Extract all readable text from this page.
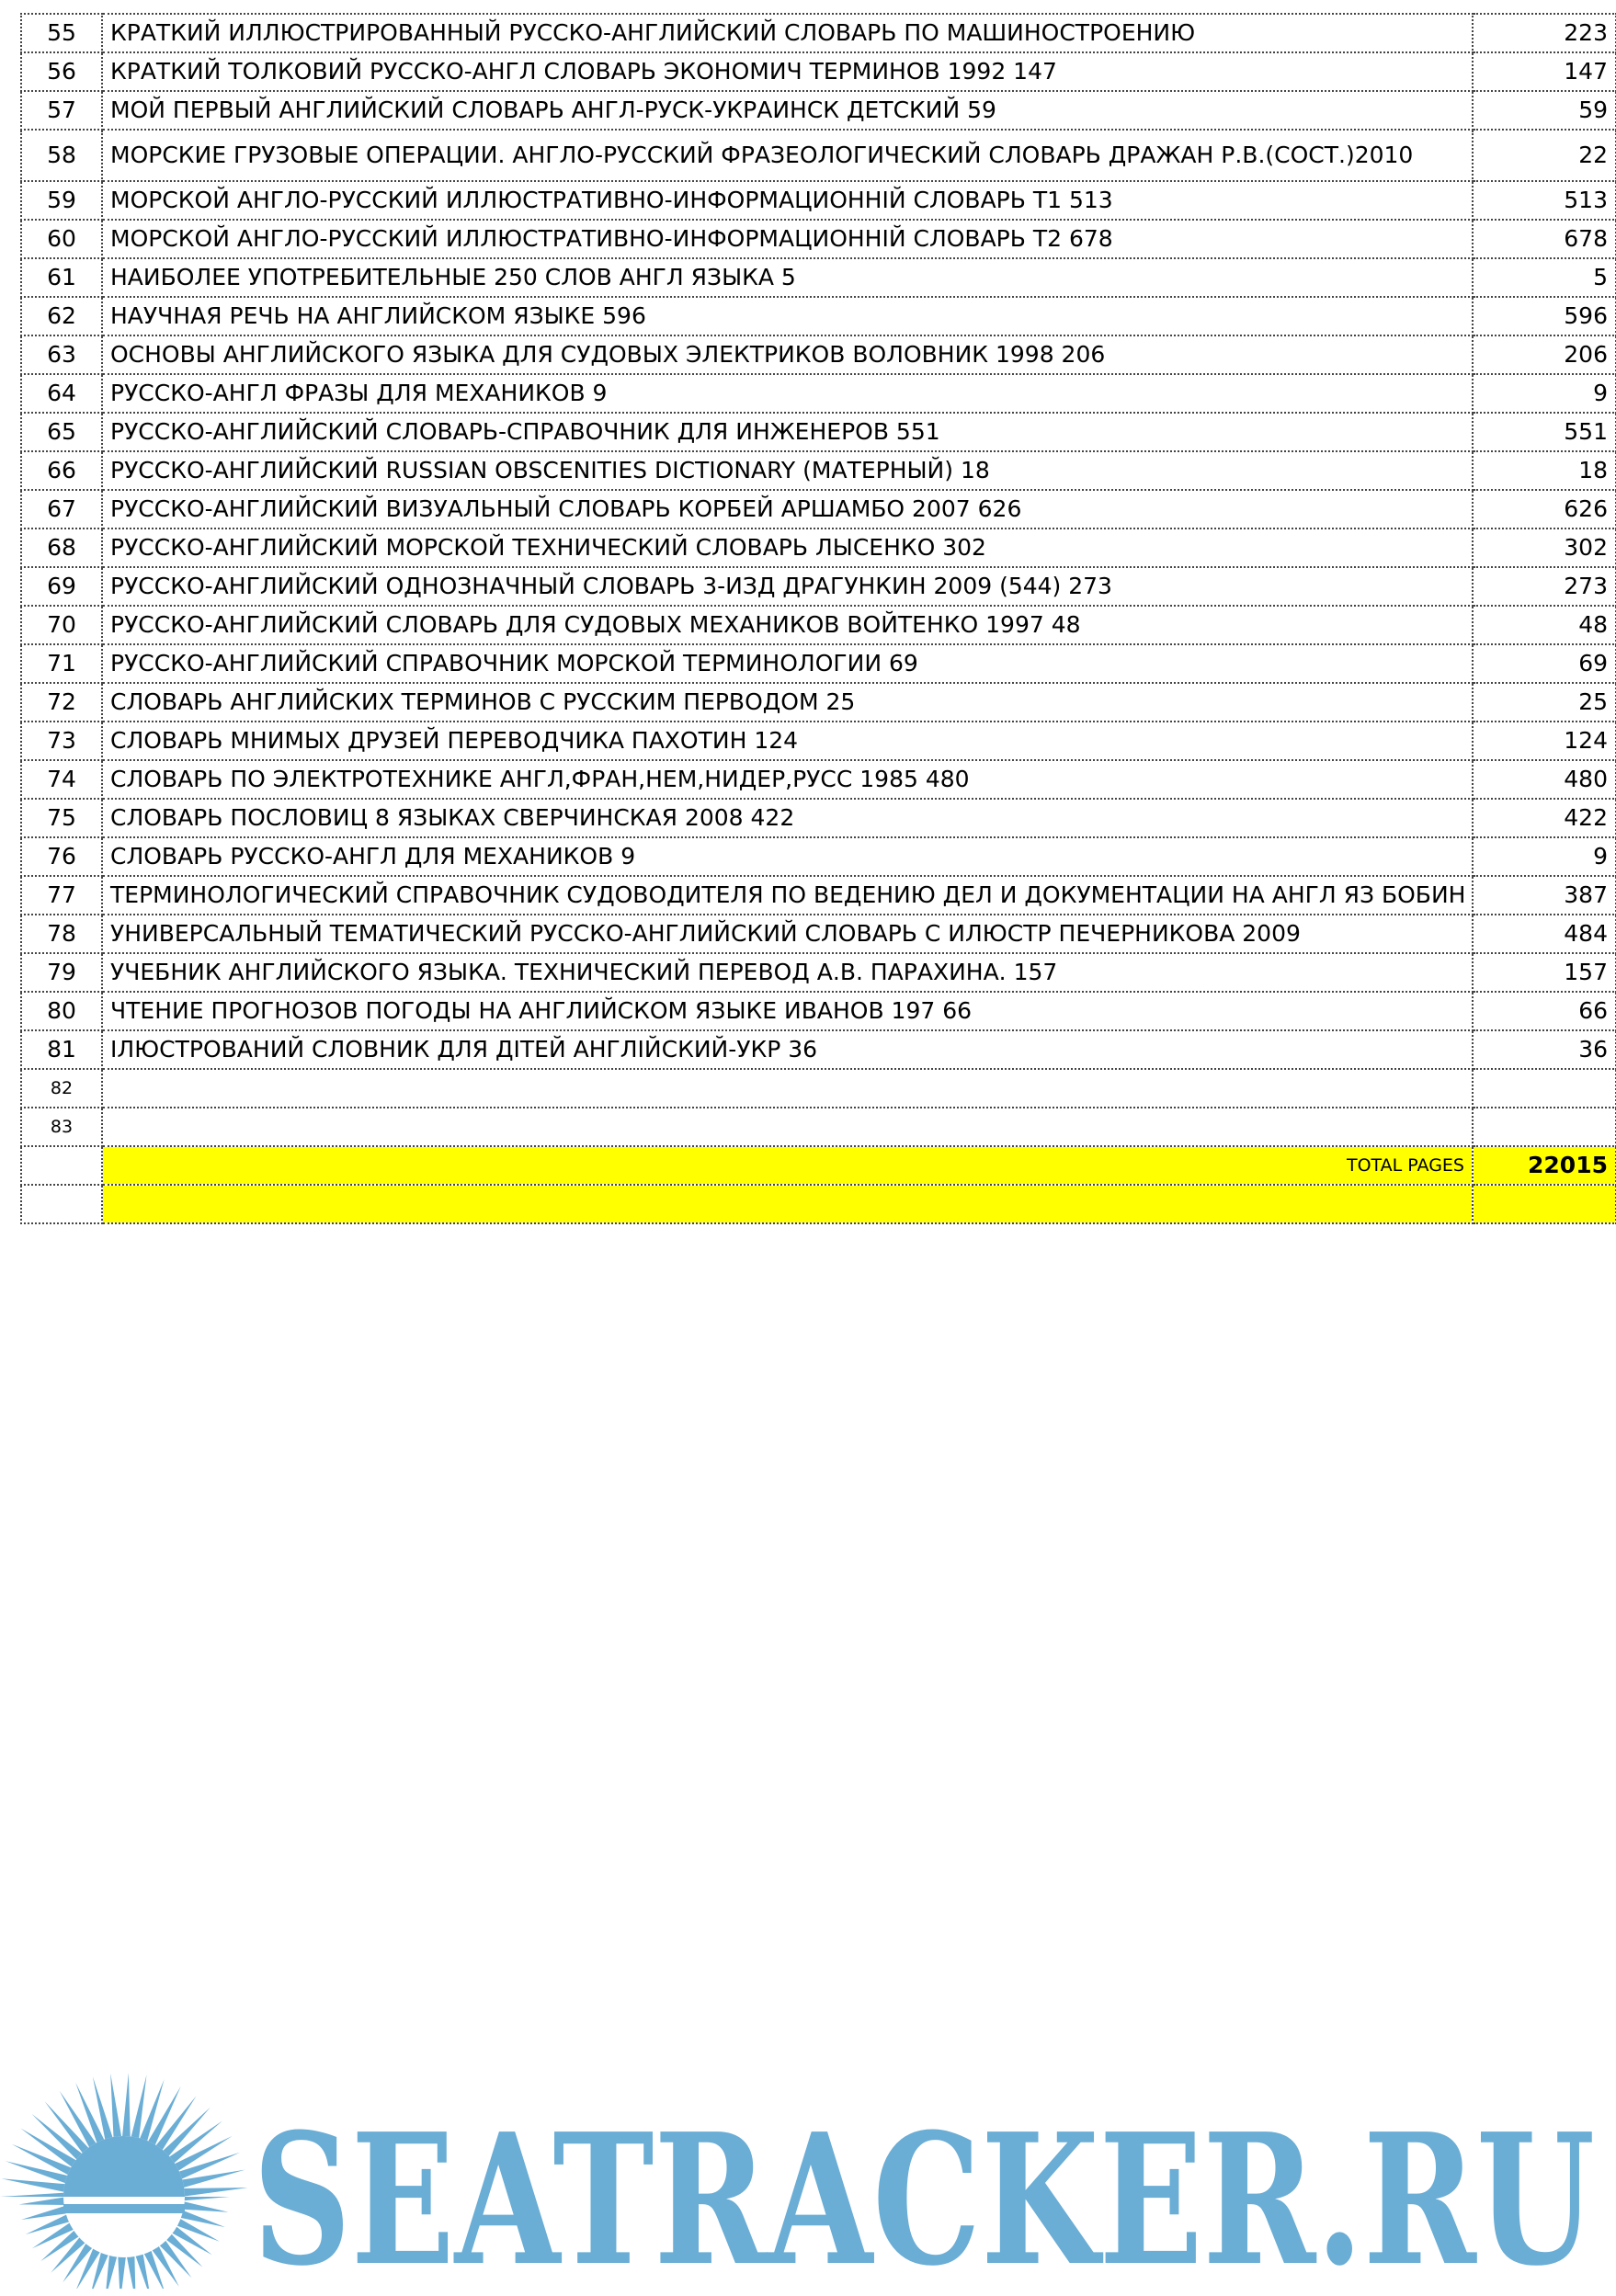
55	КРАТКИЙ ИЛЛЮСТРИРОВАННЫЙ РУССКО-АНГЛИЙСКИЙ СЛОВАРЬ ПО МАШИНОСТРОЕНИЮ	223
56	КРАТКИЙ ТОЛКОВИЙ РУССКО-АНГЛ СЛОВАРЬ ЭКОНОМИЧ ТЕРМИНОВ 1992 147	147
57	МОЙ ПЕРВЫЙ АНГЛИЙСКИЙ СЛОВАРЬ АНГЛ-РУСК-УКРАИНСК ДЕТСКИЙ 59	59
58	МОРСКИЕ ГРУЗОВЫЕ ОПЕРАЦИИ. АНГЛО-РУССКИЙ ФРАЗЕОЛОГИЧЕСКИЙ СЛОВАРЬ ДРАЖАН Р.В.(СОСТ.)2010	22
59	МОРСКОЙ АНГЛО-РУССКИЙ ИЛЛЮСТРАТИВНО-ИНФОРМАЦИОННІЙ СЛОВАРЬ Т1 513	513
60	МОРСКОЙ АНГЛО-РУССКИЙ ИЛЛЮСТРАТИВНО-ИНФОРМАЦИОННІЙ СЛОВАРЬ Т2 678	678
61	НАИБОЛЕЕ УПОТРЕБИТЕЛЬНЫЕ 250 СЛОВ АНГЛ ЯЗЫКА 5	5
62	НАУЧНАЯ РЕЧЬ НА АНГЛИЙСКОМ ЯЗЫКЕ 596	596
63	ОСНОВЫ АНГЛИЙСКОГО ЯЗЫКА ДЛЯ СУДОВЫХ ЭЛЕКТРИКОВ ВОЛОВНИК 1998 206	206
64	РУССКО-АНГЛ ФРАЗЫ ДЛЯ МЕХАНИКОВ 9	9
65	РУССКО-АНГЛИЙСКИЙ СЛОВАРЬ-СПРАВОЧНИК ДЛЯ ИНЖЕНЕРОВ 551	551
66	РУССКО-АНГЛИЙСКИЙ RUSSIAN OBSCENITIES DICTIONARY (МАТЕРНЫЙ) 18	18
67	РУССКО-АНГЛИЙСКИЙ ВИЗУАЛЬНЫЙ СЛОВАРЬ КОРБЕЙ АРШАМБО 2007 626	626
68	РУССКО-АНГЛИЙСКИЙ МОРСКОЙ ТЕХНИЧЕСКИЙ СЛОВАРЬ ЛЫСЕНКО 302	302
69	РУССКО-АНГЛИЙСКИЙ ОДНОЗНАЧНЫЙ СЛОВАРЬ 3-ИЗД ДРАГУНКИН 2009 (544) 273	273
70	РУССКО-АНГЛИЙСКИЙ СЛОВАРЬ ДЛЯ СУДОВЫХ МЕХАНИКОВ ВОЙТЕНКО 1997 48	48
71	РУССКО-АНГЛИЙСКИЙ СПРАВОЧНИК МОРСКОЙ ТЕРМИНОЛОГИИ 69	69
72	СЛОВАРЬ АНГЛИЙСКИХ ТЕРМИНОВ С РУССКИМ ПЕРВОДОМ 25	25
73	СЛОВАРЬ МНИМЫХ ДРУЗЕЙ ПЕРЕВОДЧИКА ПАХОТИН 124	124
74	СЛОВАРЬ ПО ЭЛЕКТРОТЕХНИКЕ АНГЛ,ФРАН,НЕМ,НИДЕР,РУСС 1985 480	480
75	СЛОВАРЬ ПОСЛОВИЦ 8 ЯЗЫКАХ СВЕРЧИНСКАЯ 2008 422	422
76	СЛОВАРЬ РУССКО-АНГЛ ДЛЯ МЕХАНИКОВ 9	9
77	ТЕРМИНОЛОГИЧЕСКИЙ СПРАВОЧНИК СУДОВОДИТЕЛЯ ПО ВЕДЕНИЮ ДЕЛ И ДОКУМЕНТАЦИИ НА АНГЛ ЯЗ БОБИН	387
78	УНИВЕРСАЛЬНЫЙ ТЕМАТИЧЕСКИЙ РУССКО-АНГЛИЙСКИЙ СЛОВАРЬ С ИЛЮСТР ПЕЧЕРНИКОВА 2009	484
79	УЧЕБНИК АНГЛИЙСКОГО ЯЗЫКА. ТЕХНИЧЕСКИЙ ПЕРЕВОД А.В. ПАРАХИНА. 157	157
80	ЧТЕНИЕ ПРОГНОЗОВ ПОГОДЫ НА АНГЛИЙСКОМ ЯЗЫКЕ ИВАНОВ 197 66	66
81	ІЛЮСТРОВАНИЙ СЛОВНИК ДЛЯ ДІТЕЙ АНГЛІЙСКИЙ-УКР 36	36
82		
83		
	TOTAL PAGES	22015

SEATRACKER.RU
